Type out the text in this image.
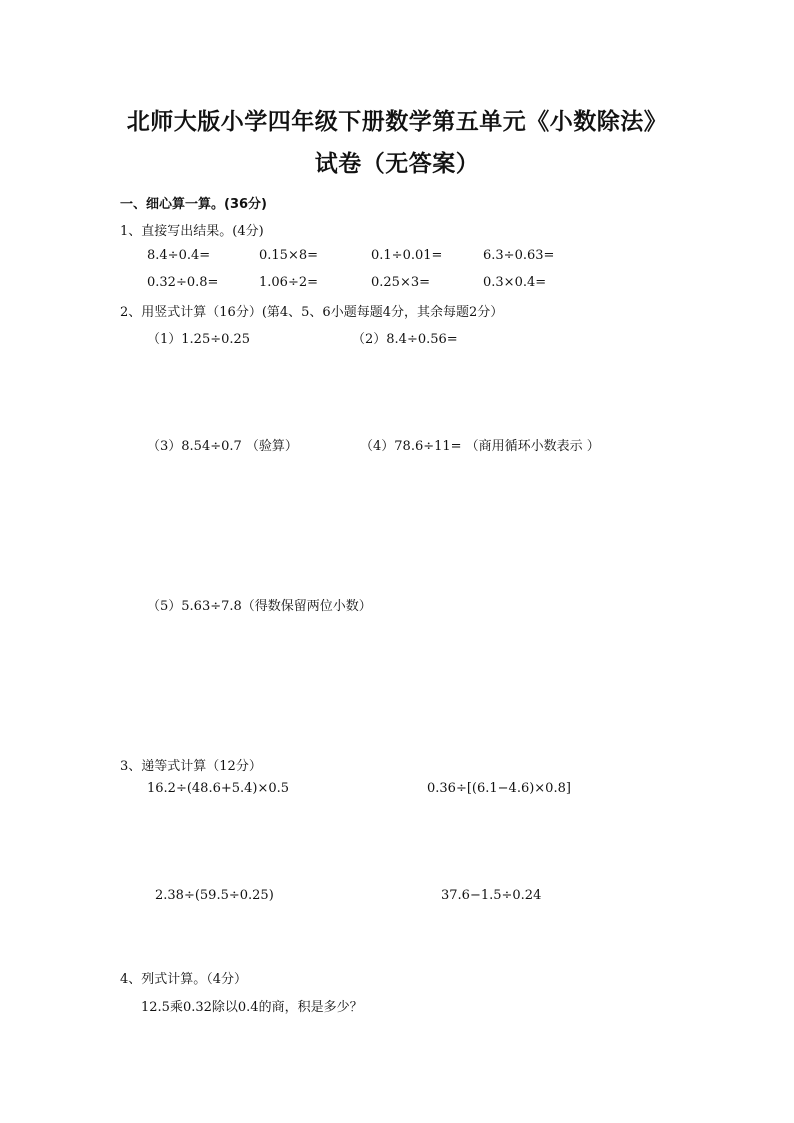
北师大版小学四年级下册数学第五单元《小数除法》
试卷（无答案）
一、细心算一算。(36分)
1、直接写出结果。(4分)
8.4÷0.4=	0.15×8=	0.1÷0.01=	6.3÷0.63=
0.32÷0.8=	1.06÷2=	0.25×3=	0.3×0.4=
2、用竖式计算（16分）(第4、5、6小题每题4分，其余每题2分）
（1）1.25÷0.25	（2）8.4÷0.56=
（3）8.54÷0.7 （验算）	（4）78.6÷11= （商用循环小数表示 ）
（5）5.63÷7.8（得数保留两位小数）
3、递等式计算（12分）
16.2÷(48.6+5.4)×0.5	0.36÷[(6.1−4.6)×0.8]
2.38÷(59.5÷0.25)	37.6−1.5÷0.24
4、列式计算。（4分）
12.5乘0.32除以0.4的商，积是多少？
